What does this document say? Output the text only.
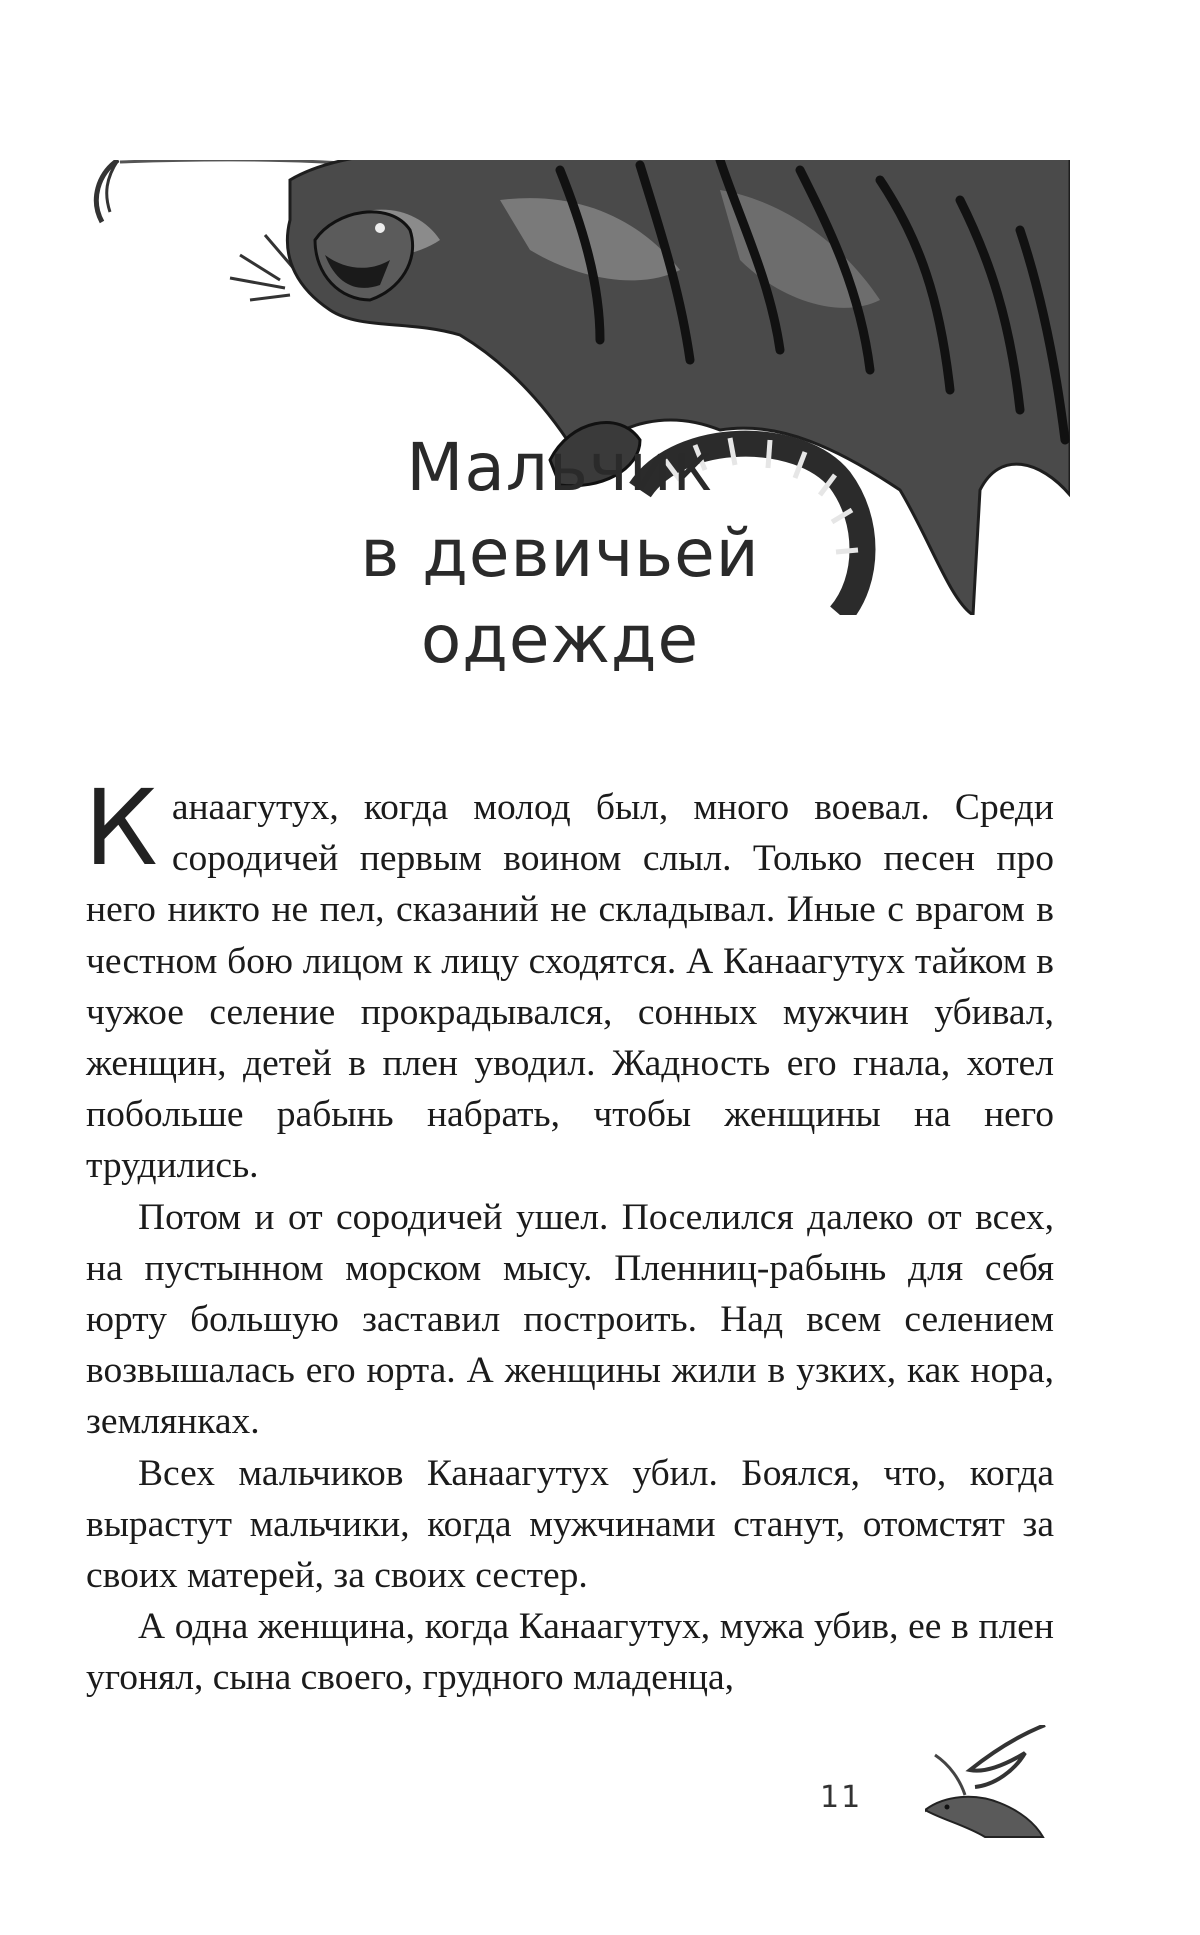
Мальчик
в девичьей
одежде

Канаагутух, когда молод был, много воевал. Среди сородичей первым воином слыл. Только песен про него никто не пел, сказаний не складывал. Иные с врагом в честном бою лицом к лицу сходятся. А Канаагутух тайком в чужое селение прокрадывался, сонных мужчин убивал, женщин, детей в плен уводил. Жадность его гнала, хотел побольше рабынь набрать, чтобы женщины на него трудились.

Потом и от сородичей ушел. Поселился далеко от всех, на пустынном морском мысу. Пленниц-рабынь для себя юрту большую заставил построить. Над всем селением возвышалась его юрта. А женщины жили в узких, как нора, землянках.

Всех мальчиков Канаагутух убил. Боялся, что, когда вырастут мальчики, когда мужчинами станут, отомстят за своих матерей, за своих сестер.

А одна женщина, когда Канаагутух, мужа убив, ее в плен угонял, сына своего, грудного младенца,

11
